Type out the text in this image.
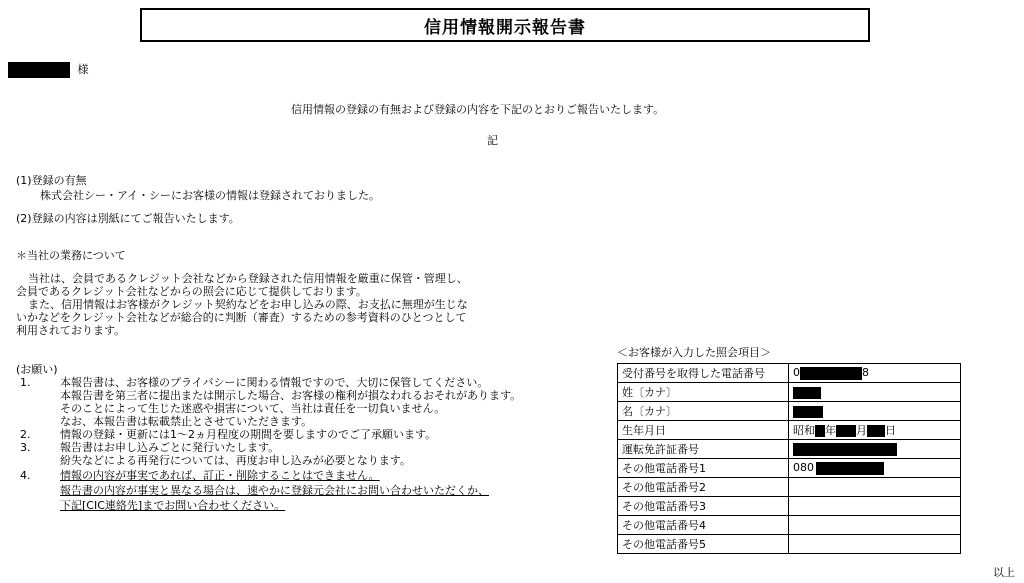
信用情報開示報告書
様
信用情報の登録の有無および登録の内容を下記のとおりご報告いたします。
記
(1)登録の有無
株式会社シー・アイ・シーにお客様の情報は登録されておりました。
(2)登録の内容は別紙にてご報告いたします。
＊当社の業務について
当社は、会員であるクレジット会社などから登録された信用情報を厳重に保管・管理し、
会員であるクレジット会社などからの照会に応じて提供しております。
また、信用情報はお客様がクレジット契約などをお申し込みの際、お支払に無理が生じな
いかなどをクレジット会社などが総合的に判断（審査）するための参考資料のひとつとして
利用されております。
(お願い)
1.	本報告書は、お客様のプライバシーに関わる情報ですので、大切に保管してください。
本報告書を第三者に提出または開示した場合、お客様の権利が損なわれるおそれがあります。
そのことによって生じた迷惑や損害について、当社は責任を一切負いません。
なお、本報告書は転載禁止とさせていただきます。
2.	情報の登録・更新には1～2ヵ月程度の期間を要しますのでご了承願います。
3.	報告書はお申し込みごとに発行いたします。
紛失などによる再発行については、再度お申し込みが必要となります。
4.	情報の内容が事実であれば、訂正・削除することはできません。
報告書の内容が事実と異なる場合は、速やかに登録元会社にお問い合わせいただくか、
下記[CIC連絡先]までお問い合わせください。
＜お客様が入力した照会項目＞
受付番号を取得した電話番号	0 8
姓〔カナ〕	
名〔カナ〕	
生年月日	昭和 年 月 日
運転免許証番号	
その他電話番号1	080
その他電話番号2	
その他電話番号3	
その他電話番号4	
その他電話番号5	
以上
